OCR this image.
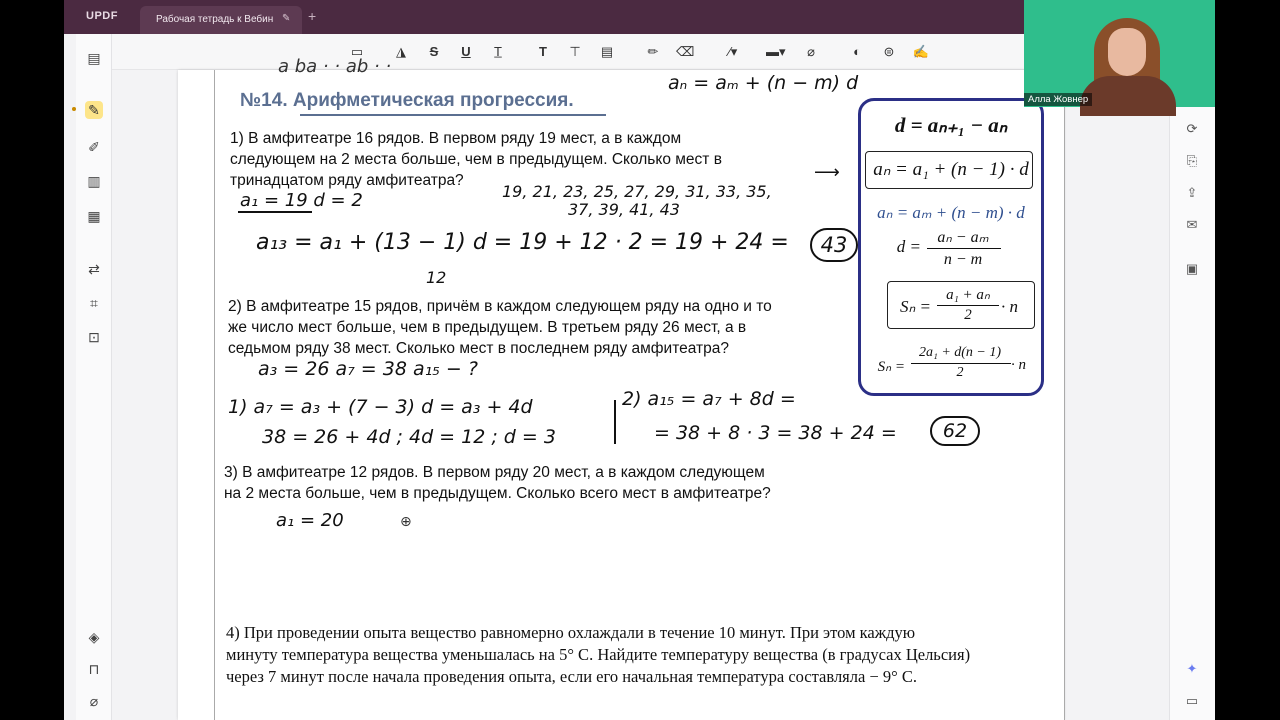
UPDF	Рабочая тетрадь к Вебин ✎ +
▤
✎
✐
▥
▦
⇄
⌗
⊡
◈
⊓
⌀
▭	◮	S	U	T̲	T	⊤ ▤	✏ ⌫	⁄▾	▬▾	⌀	◐	⊜ ✍
⟳
⎘
⇪
✉
▣
✦
▭
a ba · · ab · ·
aₙ = aₘ + (n − m) d
№14. Арифметическая прогрессия.
1) В амфитеатре 16 рядов. В первом ряду 19 мест, а в каждом
следующем на 2 места больше, чем в предыдущем. Сколько мест в
тринадцатом ряду амфитеатра?
a₁ = 19 d = 2	19, 21, 23, 25, 27, 29, 31, 33, 35,
37, 39, 41, 43
a₁₃ = a₁ + (13 − 1) d = 19 + 12 · 2 = 19 + 24 =	43
12
2) В амфитеатре 15 рядов, причём в каждом следующем ряду на одно и то
же число мест больше, чем в предыдущем. В третьем ряду 26 мест, а в
седьмом ряду 38 мест. Сколько мест в последнем ряду амфитеатра?
a₃ = 26 a₇ = 38 a₁₅ − ?
1) a₇ = a₃ + (7 − 3) d = a₃ + 4d
38 = 26 + 4d ; 4d = 12 ; d = 3
2) a₁₅ = a₇ + 8d =
= 38 + 8 · 3 = 38 + 24 =	62
3) В амфитеатре 12 рядов. В первом ряду 20 мест, а в каждом следующем
на 2 места больше, чем в предыдущем. Сколько всего мест в амфитеатре?
a₁ = 20	⊕
4) При проведении опыта вещество равномерно охлаждали в течение 10 минут. При этом каждую
минуту температура вещества уменьшалась на 5° С. Найдите температуру вещества (в градусах Цельсия)
через 7 минут после начала проведения опыта, если его начальная температура составляла − 9° С.
⟶
d = aₙ₊₁ − aₙ
aₙ = a₁ + (n − 1) · d
aₙ = aₘ + (n − m) · d
d =	aₙ − aₘ
n − m
Sₙ =
a₁ + aₙ
2	· n
Sₙ =
2a₁ + d(n − 1)
2	· n
Алла Жовнер
